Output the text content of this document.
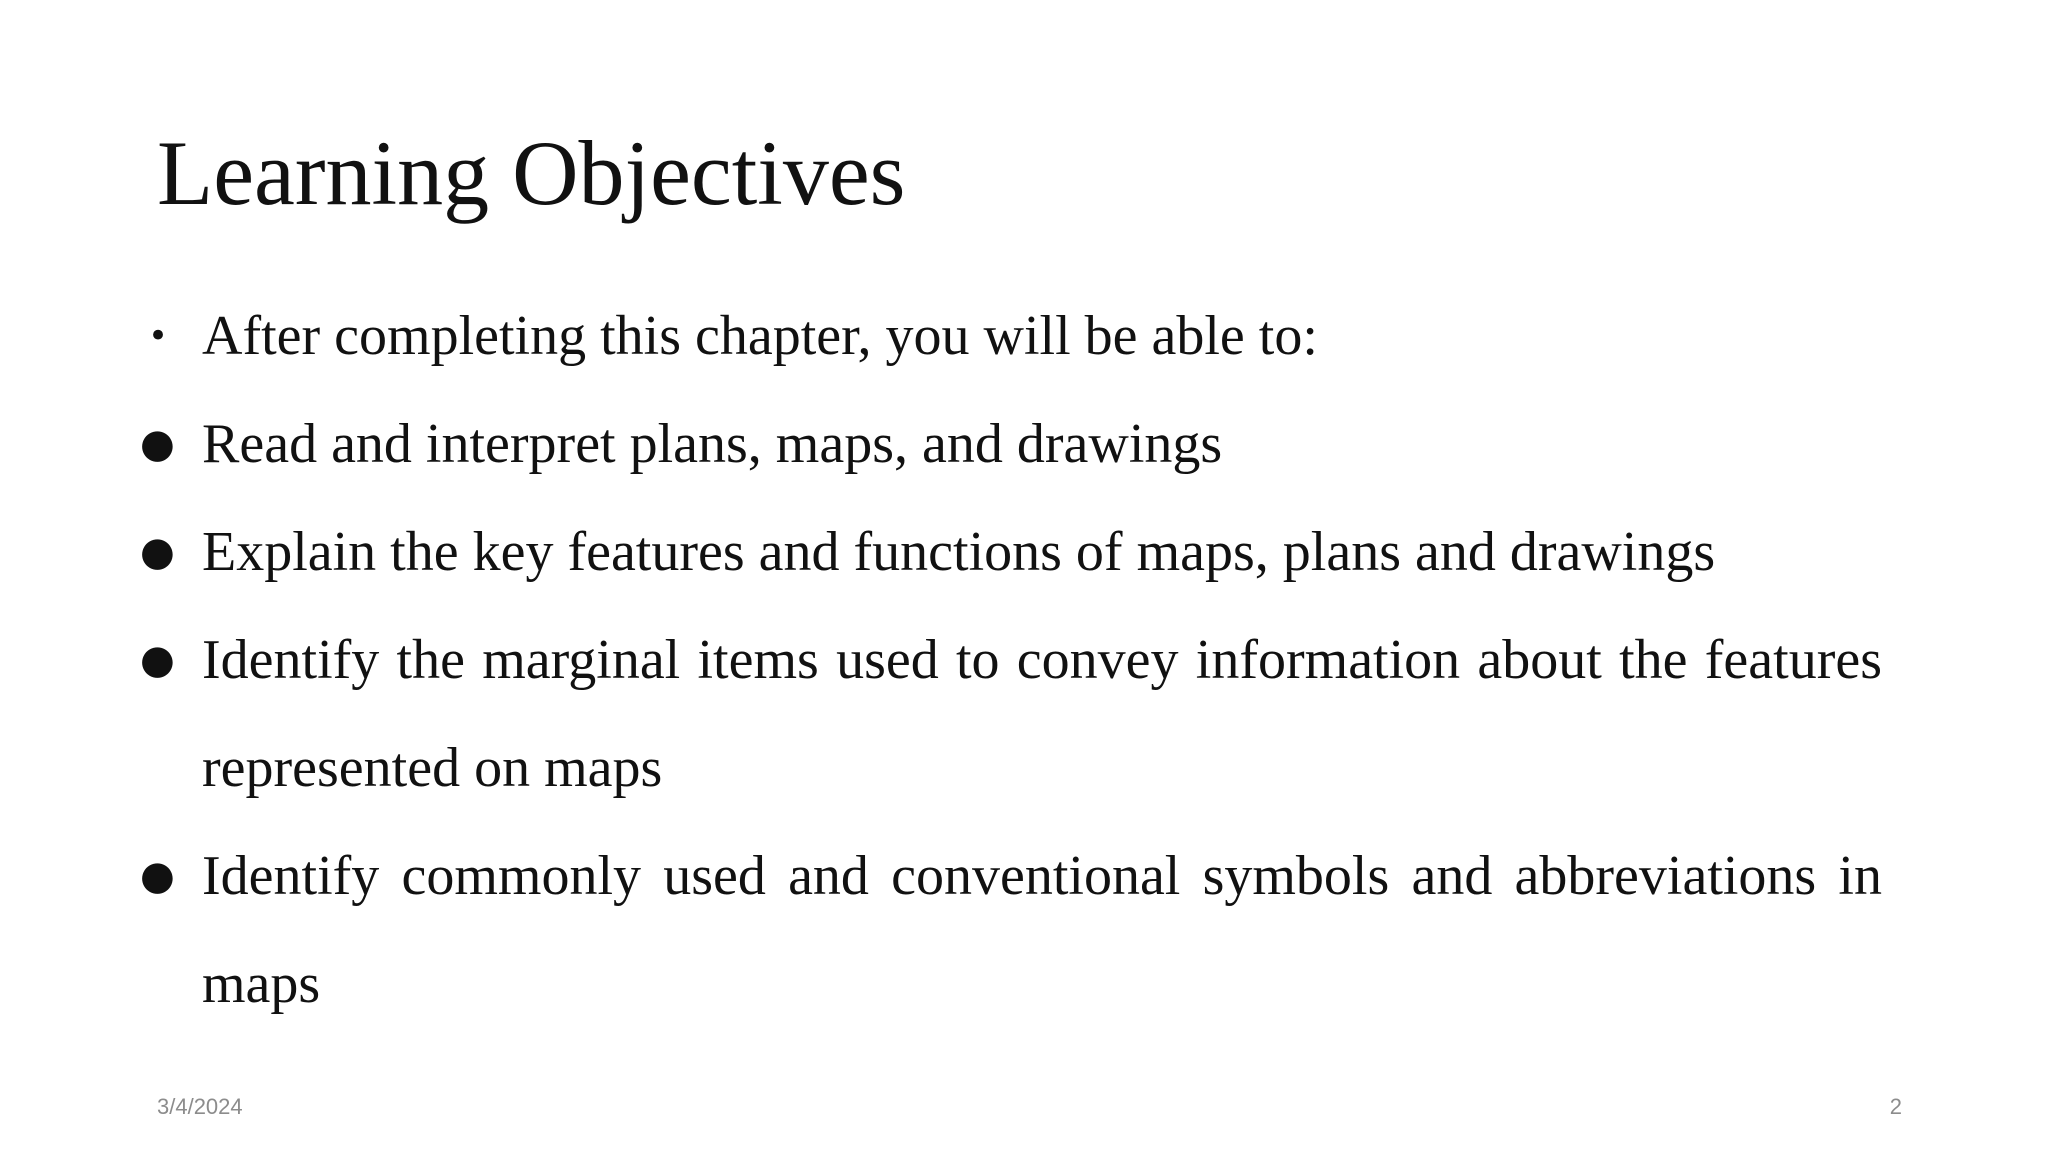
Learning Objectives
• After completing this chapter, you will be able to:
● Read and interpret plans, maps, and drawings
● Explain the key features and functions of maps, plans and drawings
● Identify the marginal items used to convey information about the features represented on maps
● Identify commonly used and conventional symbols and abbreviations in maps
3/4/2024	2
